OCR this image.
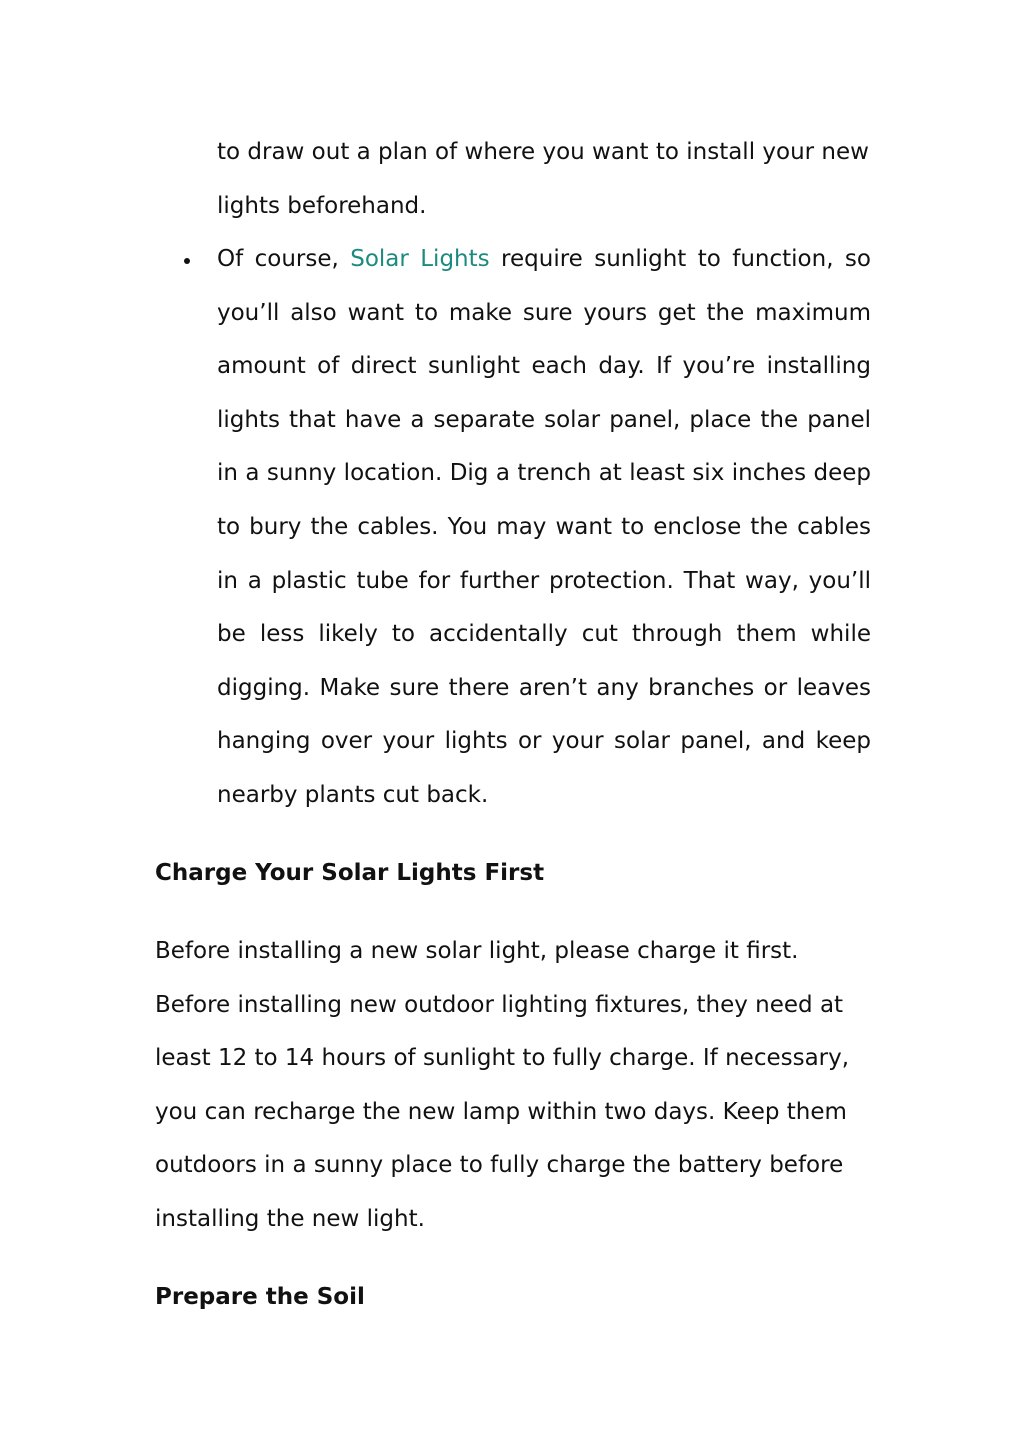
to draw out a plan of where you want to install your new lights beforehand.
Of course, Solar Lights require sunlight to function, so you’ll also want to make sure yours get the maximum amount of direct sunlight each day. If you’re installing lights that have a separate solar panel, place the panel in a sunny location. Dig a trench at least six inches deep to bury the cables. You may want to enclose the cables in a plastic tube for further protection. That way, you’ll be less likely to accidentally cut through them while digging. Make sure there aren’t any branches or leaves hanging over your lights or your solar panel, and keep nearby plants cut back.
Charge Your Solar Lights First
Before installing a new solar light, please charge it first. Before installing new outdoor lighting fixtures, they need at least 12 to 14 hours of sunlight to fully charge. If necessary, you can recharge the new lamp within two days. Keep them outdoors in a sunny place to fully charge the battery before installing the new light.
Prepare the Soil
